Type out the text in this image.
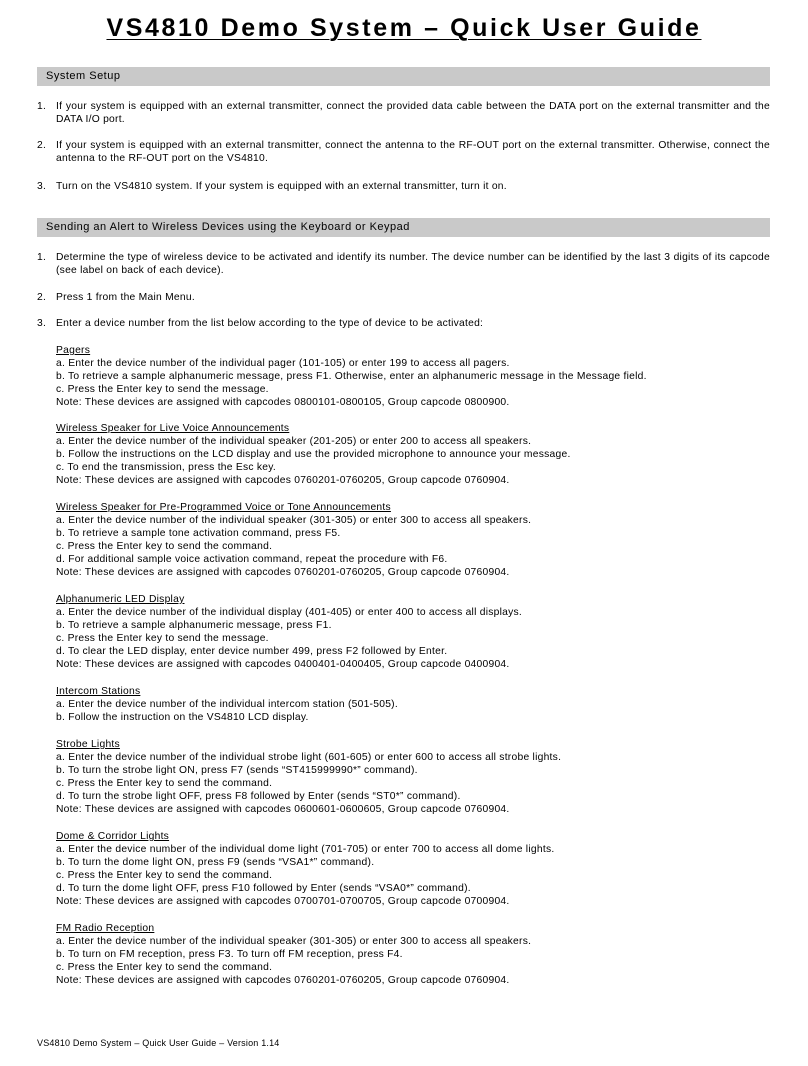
VS4810 Demo System – Quick User Guide
System Setup
1. If your system is equipped with an external transmitter, connect the provided data cable between the DATA port on the external transmitter and the DATA I/O port.
2. If your system is equipped with an external transmitter, connect the antenna to the RF-OUT port on the external transmitter. Otherwise, connect the antenna to the RF-OUT port on the VS4810.
3. Turn on the VS4810 system. If your system is equipped with an external transmitter, turn it on.
Sending an Alert to Wireless Devices using the Keyboard or Keypad
1. Determine the type of wireless device to be activated and identify its number. The device number can be identified by the last 3 digits of its capcode (see label on back of each device).
2. Press 1 from the Main Menu.
3. Enter a device number from the list below according to the type of device to be activated:
Pagers
a. Enter the device number of the individual pager (101-105) or enter 199 to access all pagers.
b. To retrieve a sample alphanumeric message, press F1. Otherwise, enter an alphanumeric message in the Message field.
c. Press the Enter key to send the message.
Note: These devices are assigned with capcodes 0800101-0800105, Group capcode 0800900.
Wireless Speaker for Live Voice Announcements
a. Enter the device number of the individual speaker (201-205) or enter 200 to access all speakers.
b. Follow the instructions on the LCD display and use the provided microphone to announce your message.
c. To end the transmission, press the Esc key.
Note: These devices are assigned with capcodes 0760201-0760205, Group capcode 0760904.
Wireless Speaker for Pre-Programmed Voice or Tone Announcements
a. Enter the device number of the individual speaker (301-305) or enter 300 to access all speakers.
b. To retrieve a sample tone activation command, press F5.
c. Press the Enter key to send the command.
d. For additional sample voice activation command, repeat the procedure with F6.
Note: These devices are assigned with capcodes 0760201-0760205, Group capcode 0760904.
Alphanumeric LED Display
a. Enter the device number of the individual display (401-405) or enter 400 to access all displays.
b. To retrieve a sample alphanumeric message, press F1.
c. Press the Enter key to send the message.
d. To clear the LED display, enter device number 499, press F2 followed by Enter.
Note: These devices are assigned with capcodes 0400401-0400405, Group capcode 0400904.
Intercom Stations
a. Enter the device number of the individual intercom station (501-505).
b. Follow the instruction on the VS4810 LCD display.
Strobe Lights
a. Enter the device number of the individual strobe light (601-605) or enter 600 to access all strobe lights.
b. To turn the strobe light ON, press F7 (sends “ST415999990*” command).
c. Press the Enter key to send the command.
d. To turn the strobe light OFF, press F8 followed by Enter (sends “ST0*” command).
Note: These devices are assigned with capcodes 0600601-0600605, Group capcode 0760904.
Dome & Corridor Lights
a. Enter the device number of the individual dome light (701-705) or enter 700 to access all dome lights.
b. To turn the dome light ON, press F9 (sends “VSA1*” command).
c. Press the Enter key to send the command.
d. To turn the dome light OFF, press F10 followed by Enter (sends “VSA0*” command).
Note: These devices are assigned with capcodes 0700701-0700705, Group capcode 0700904.
FM Radio Reception
a. Enter the device number of the individual speaker (301-305) or enter 300 to access all speakers.
b. To turn on FM reception, press F3. To turn off FM reception, press F4.
c. Press the Enter key to send the command.
Note: These devices are assigned with capcodes 0760201-0760205, Group capcode 0760904.
VS4810 Demo System – Quick User Guide – Version 1.14
